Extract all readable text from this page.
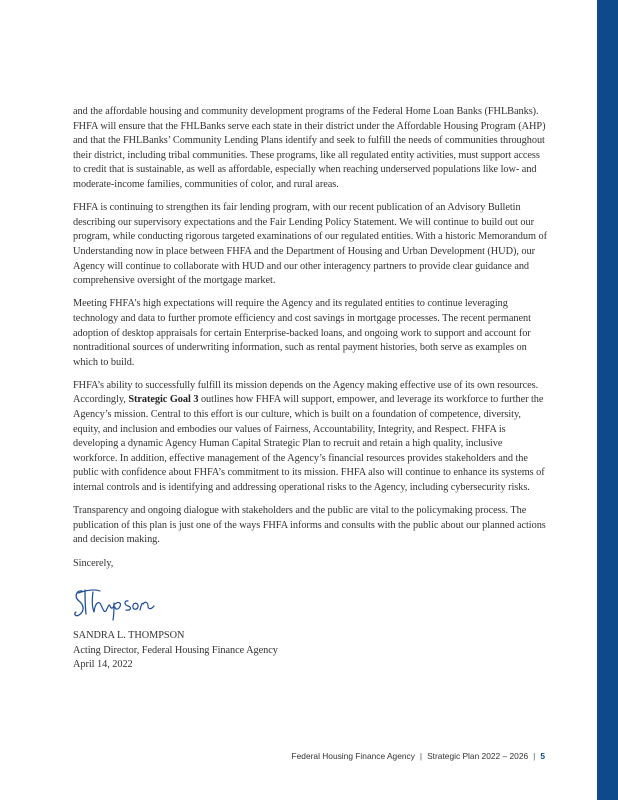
and the affordable housing and community development programs of the Federal Home Loan Banks (FHLBanks). FHFA will ensure that the FHLBanks serve each state in their district under the Affordable Housing Program (AHP) and that the FHLBanks’ Community Lending Plans identify and seek to fulfill the needs of communities throughout their district, including tribal communities. These programs, like all regulated entity activities, must support access to credit that is sustainable, as well as affordable, especially when reaching underserved populations like low- and moderate-income families, communities of color, and rural areas.

FHFA is continuing to strengthen its fair lending program, with our recent publication of an Advisory Bulletin describing our supervisory expectations and the Fair Lending Policy Statement. We will continue to build out our program, while conducting rigorous targeted examinations of our regulated entities. With a historic Memorandum of Understanding now in place between FHFA and the Department of Housing and Urban Development (HUD), our Agency will continue to collaborate with HUD and our other interagency partners to provide clear guidance and comprehensive oversight of the mortgage market.

Meeting FHFA’s high expectations will require the Agency and its regulated entities to continue leveraging technology and data to further promote efficiency and cost savings in mortgage processes. The recent permanent adoption of desktop appraisals for certain Enterprise-backed loans, and ongoing work to support and account for nontraditional sources of underwriting information, such as rental payment histories, both serve as examples on which to build.

FHFA’s ability to successfully fulfill its mission depends on the Agency making effective use of its own resources. Accordingly, Strategic Goal 3 outlines how FHFA will support, empower, and leverage its workforce to further the Agency’s mission. Central to this effort is our culture, which is built on a foundation of competence, diversity, equity, and inclusion and embodies our values of Fairness, Accountability, Integrity, and Respect. FHFA is developing a dynamic Agency Human Capital Strategic Plan to recruit and retain a high quality, inclusive workforce. In addition, effective management of the Agency’s financial resources provides stakeholders and the public with confidence about FHFA’s commitment to its mission. FHFA also will continue to enhance its systems of internal controls and is identifying and addressing operational risks to the Agency, including cybersecurity risks.

Transparency and ongoing dialogue with stakeholders and the public are vital to the policymaking process. The publication of this plan is just one of the ways FHFA informs and consults with the public about our planned actions and decision making.

Sincerely,

SANDRA L. THOMPSON
Acting Director, Federal Housing Finance Agency
April 14, 2022
Federal Housing Finance Agency | Strategic Plan 2022 – 2026 | 5
